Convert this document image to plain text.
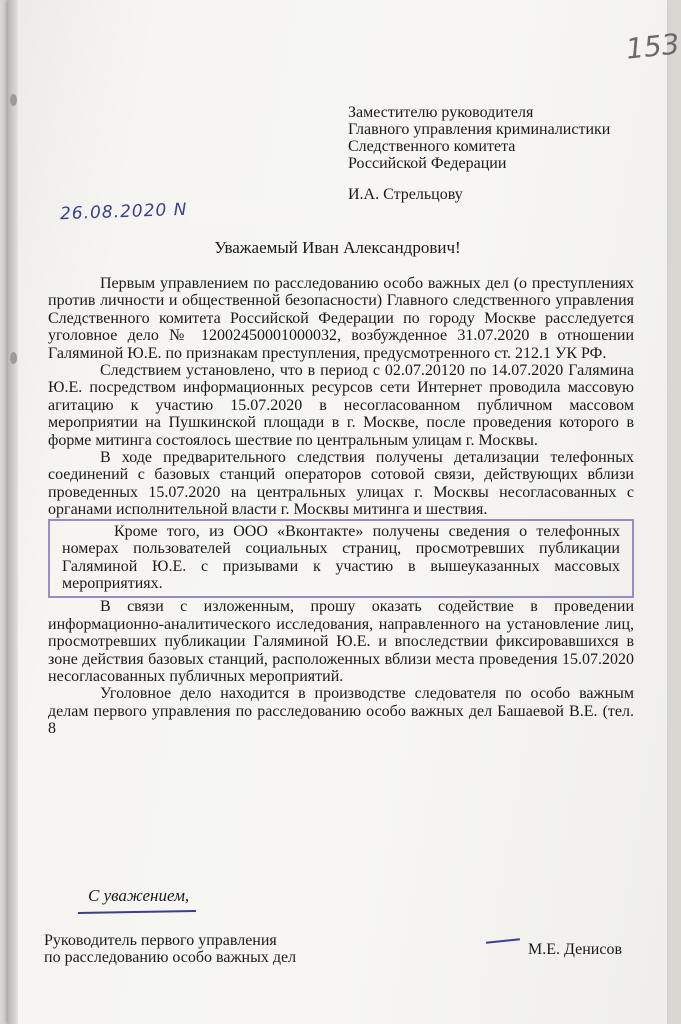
153
Заместителю руководителя
Главного управления криминалистики
Следственного комитета
Российской Федерации
И.А. Стрельцову
26.08.2020 N
Уважаемый Иван Александрович!

Первым управлением по расследованию особо важных дел (о преступлениях против личности и общественной безопасности) Главного следственного управления Следственного комитета Российской Федерации по городу Москве расследуется уголовное дело № 12002450001000032, возбужденное 31.07.2020 в отношении Галяминой Ю.Е. по признакам преступления, предусмотренного ст. 212.1 УК РФ.

Следствием установлено, что в период с 02.07.20120 по 14.07.2020 Галямина Ю.Е. посредством информационных ресурсов сети Интернет проводила массовую агитацию к участию 15.07.2020 в несогласованном публичном массовом мероприятии на Пушкинской площади в г. Москве, после проведения которого в форме митинга состоялось шествие по центральным улицам г. Москвы.

В ходе предварительного следствия получены детализации телефонных соединений с базовых станций операторов сотовой связи, действующих вблизи проведенных 15.07.2020 на центральных улицах г. Москвы несогласованных с органами исполнительной власти г. Москвы митинга и шествия.

Кроме того, из ООО «Вконтакте» получены сведения о телефонных номерах пользователей социальных страниц, просмотревших публикации Галяминой Ю.Е. с призывами к участию в вышеуказанных массовых мероприятиях.

В связи с изложенным, прошу оказать содействие в проведении информационно-аналитического исследования, направленного на установление лиц, просмотревших публикации Галяминой Ю.Е. и впоследствии фиксировавшихся в зоне действия базовых станций, расположенных вблизи места проведения 15.07.2020 несогласованных публичных мероприятий.

Уголовное дело находится в производстве следователя по особо важным делам первого управления по расследованию особо важных дел Башаевой В.Е. (тел. 8

С уважением,
Руководитель первого управления
по расследованию особо важных дел	М.Е. Денисов
